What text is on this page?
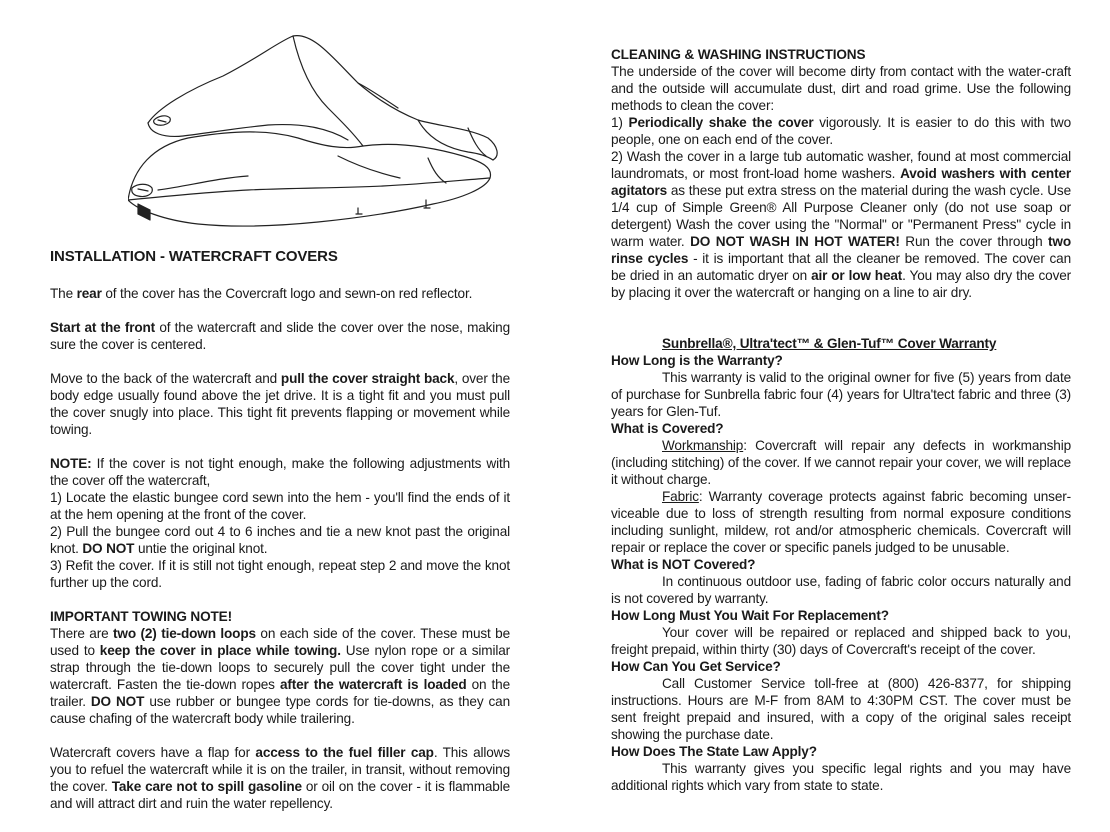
INSTALLATION - WATERCRAFT COVERS

The rear of the cover has the Covercraft logo and sewn-on red reflector.

Start at the front of the watercraft and slide the cover over the nose, making sure the cover is centered.

Move to the back of the watercraft and pull the cover straight back, over the body edge usually found above the jet drive. It is a tight fit and you must pull the cover snugly into place. This tight fit prevents flapping or movement while towing.

NOTE: If the cover is not tight enough, make the following adjustments with the cover off the watercraft,

1) Locate the elastic bungee cord sewn into the hem - you'll find the ends of it at the hem opening at the front of the cover.

2) Pull the bungee cord out 4 to 6 inches and tie a new knot past the original knot. DO NOT untie the original knot.

3) Refit the cover. If it is still not tight enough, repeat step 2 and move the knot further up the cord.

IMPORTANT TOWING NOTE!

There are two (2) tie-down loops on each side of the cover. These must be used to keep the cover in place while towing. Use nylon rope or a similar strap through the tie-down loops to securely pull the cover tight under the watercraft. Fasten the tie-down ropes after the watercraft is loaded on the trailer. DO NOT use rubber or bungee type cords for tie-downs, as they can cause chafing of the watercraft body while trailering.

Watercraft covers have a flap for access to the fuel filler cap. This allows you to refuel the watercraft while it is on the trailer, in transit, without removing the cover. Take care not to spill gasoline or oil on the cover - it is flammable and will attract dirt and ruin the water repellency.

CLEANING & WASHING INSTRUCTIONS

The underside of the cover will become dirty from contact with the water-craft and the outside will accumulate dust, dirt and road grime. Use the following methods to clean the cover:

1) Periodically shake the cover vigorously. It is easier to do this with two people, one on each end of the cover.

2) Wash the cover in a large tub automatic washer, found at most commercial laundromats, or most front-load home washers. Avoid washers with center agitators as these put extra stress on the material during the wash cycle. Use 1/4 cup of Simple Green® All Purpose Cleaner only (do not use soap or detergent) Wash the cover using the "Normal" or "Permanent Press" cycle in warm water. DO NOT WASH IN HOT WATER! Run the cover through two rinse cycles - it is important that all the cleaner be removed. The cover can be dried in an automatic dryer on air or low heat. You may also dry the cover by placing it over the watercraft or hanging on a line to air dry.

Sunbrella®, Ultra'tect™ & Glen-Tuf™ Cover Warranty

How Long is the Warranty?

This warranty is valid to the original owner for five (5) years from date of purchase for Sunbrella fabric four (4) years for Ultra'tect fabric and three (3) years for Glen-Tuf.

What is Covered?

Workmanship: Covercraft will repair any defects in workmanship (including stitching) of the cover. If we cannot repair your cover, we will replace it without charge.

Fabric: Warranty coverage protects against fabric becoming unser-viceable due to loss of strength resulting from normal exposure conditions including sunlight, mildew, rot and/or atmospheric chemicals. Covercraft will repair or replace the cover or specific panels judged to be unusable.

What is NOT Covered?

In continuous outdoor use, fading of fabric color occurs naturally and is not covered by warranty.

How Long Must You Wait For Replacement?

Your cover will be repaired or replaced and shipped back to you, freight prepaid, within thirty (30) days of Covercraft's receipt of the cover.

How Can You Get Service?

Call Customer Service toll-free at (800) 426-8377, for shipping instructions. Hours are M-F from 8AM to 4:30PM CST. The cover must be sent freight prepaid and insured, with a copy of the original sales receipt showing the purchase date.

How Does The State Law Apply?

This warranty gives you specific legal rights and you may have additional rights which vary from state to state.
